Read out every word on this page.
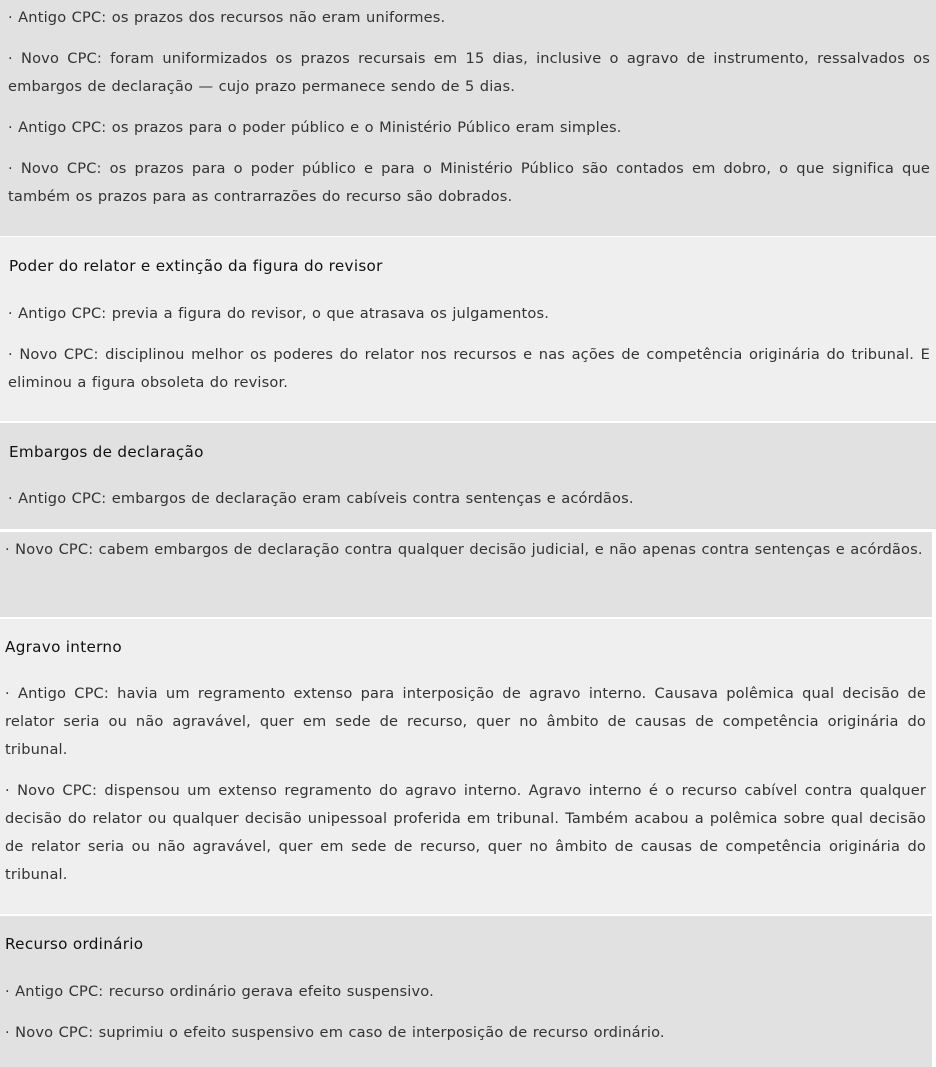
· Antigo CPC: os prazos dos recursos não eram uniformes.

· Novo CPC: foram uniformizados os prazos recursais em 15 dias, inclusive o agravo de instrumento, ressalvados os embargos de declaração — cujo prazo permanece sendo de 5 dias.

· Antigo CPC: os prazos para o poder público e o Ministério Público eram simples.

· Novo CPC: os prazos para o poder público e para o Ministério Público são contados em dobro, o que significa que também os prazos para as contrarrazões do recurso são dobrados.

Poder do relator e extinção da figura do revisor

· Antigo CPC: previa a figura do revisor, o que atrasava os julgamentos.

· Novo CPC: disciplinou melhor os poderes do relator nos recursos e nas ações de competência originária do tribunal. E eliminou a figura obsoleta do revisor.

Embargos de declaração

· Antigo CPC: embargos de declaração eram cabíveis contra sentenças e acórdãos.

· Novo CPC: cabem embargos de declaração contra qualquer decisão judicial, e não apenas contra sentenças e acórdãos.

Agravo interno

· Antigo CPC: havia um regramento extenso para interposição de agravo interno. Causava polêmica qual decisão de relator seria ou não agravável, quer em sede de recurso, quer no âmbito de causas de competência originária do tribunal.

· Novo CPC: dispensou um extenso regramento do agravo interno. Agravo interno é o recurso cabível contra qualquer decisão do relator ou qualquer decisão unipessoal proferida em tribunal. Também acabou a polêmica sobre qual decisão de relator seria ou não agravável, quer em sede de recurso, quer no âmbito de causas de competência originária do tribunal.

Recurso ordinário

· Antigo CPC: recurso ordinário gerava efeito suspensivo.

· Novo CPC: suprimiu o efeito suspensivo em caso de interposição de recurso ordinário.
